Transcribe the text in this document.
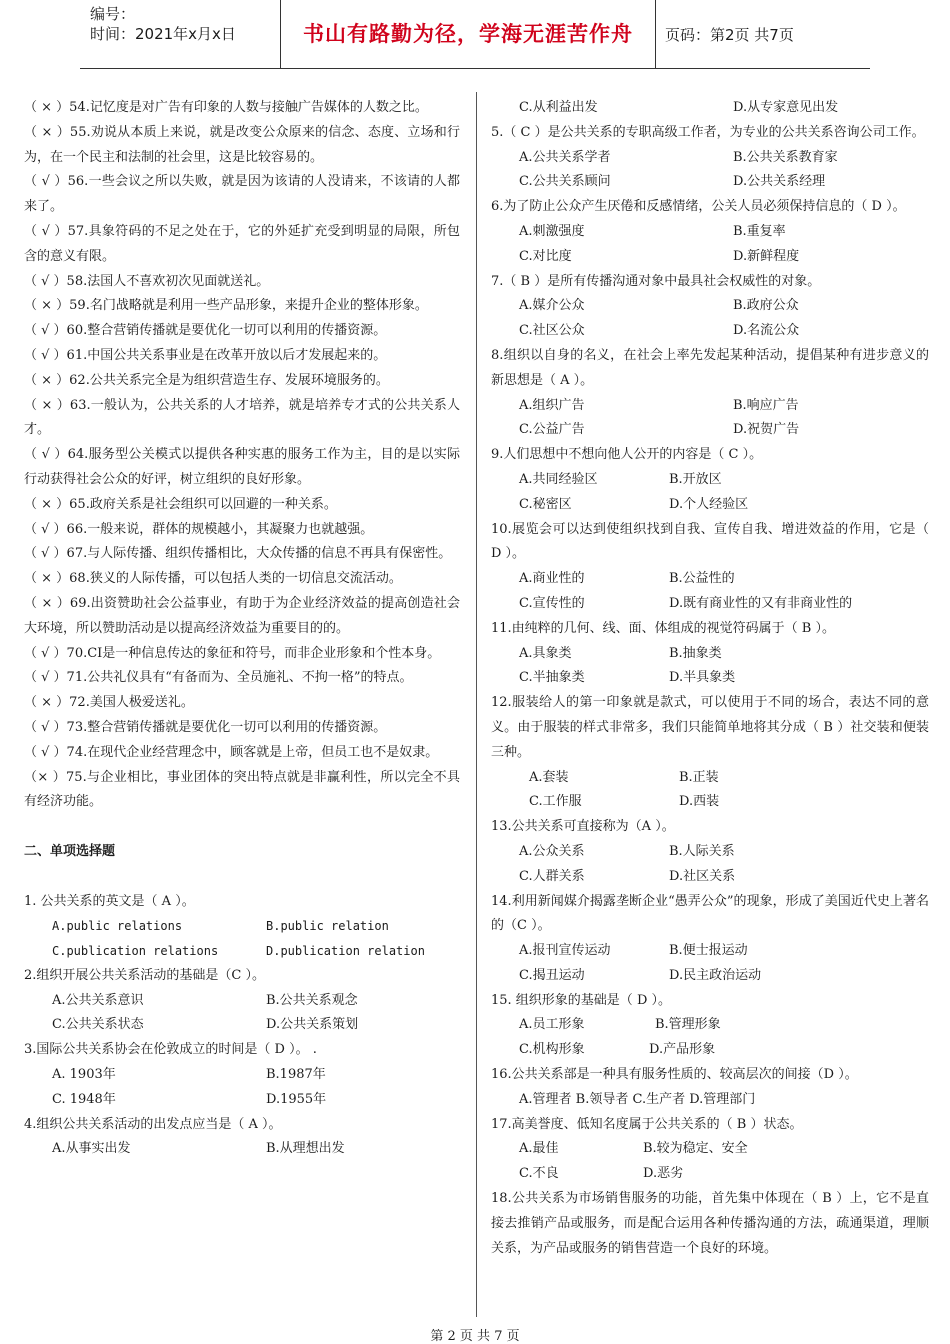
编号：
时间：2021年x月x日	书山有路勤为径，学海无涯苦作舟	页码：第2页 共7页

（ × ）54.记忆度是对广告有印象的人数与接触广告媒体的人数之比。

（ × ）55.劝说从本质上来说，就是改变公众原来的信念、态度、立场和行为，在一个民主和法制的社会里，这是比较容易的。

（ √ ）56.一些会议之所以失败，就是因为该请的人没请来，不该请的人都来了。

（ √ ）57.具象符码的不足之处在于，它的外延扩充受到明显的局限，所包含的意义有限。

（ √ ）58.法国人不喜欢初次见面就送礼。

（ × ）59.名门战略就是利用一些产品形象，来提升企业的整体形象。

（ √ ）60.整合营销传播就是要优化一切可以利用的传播资源。

（ √ ）61.中国公共关系事业是在改革开放以后才发展起来的。

（ × ）62.公共关系完全是为组织营造生存、发展环境服务的。

（ × ）63.一般认为，公共关系的人才培养，就是培养专才式的公共关系人才。

（ √ ）64.服务型公关模式以提供各种实惠的服务工作为主，目的是以实际行动获得社会公众的好评，树立组织的良好形象。

（ × ）65.政府关系是社会组织可以回避的一种关系。

（ √ ）66.一般来说，群体的规模越小，其凝聚力也就越强。

（ √ ）67.与人际传播、组织传播相比，大众传播的信息不再具有保密性。

（ × ）68.狭义的人际传播，可以包括人类的一切信息交流活动。

（ × ）69.出资赞助社会公益事业，有助于为企业经济效益的提高创造社会大环境，所以赞助活动是以提高经济效益为重要目的的。

（ √ ）70.CI是一种信息传达的象征和符号，而非企业形象和个性本身。

（ √ ）71.公共礼仪具有“有备而为、全员施礼、不拘一格”的特点。

（ × ）72.美国人极爱送礼。

（ √ ）73.整合营销传播就是要优化一切可以利用的传播资源。

（ √ ）74.在现代企业经营理念中，顾客就是上帝，但员工也不是奴隶。

（× ）75.与企业相比，事业团体的突出特点就是非赢利性，所以完全不具有经济功能。

二、单项选择题

1. 公共关系的英文是（ A ）。

A.public relations	B.public relation
C.publication relations	D.publication relation

2.组织开展公共关系活动的基础是（C ）。

A.公共关系意识	B.公共关系观念
C.公共关系状态	D.公共关系策划

3.国际公共关系协会在伦敦成立的时间是（ D ）。 .

A. 1903年	B.1987年
C. 1948年	D.1955年

4.组织公共关系活动的出发点应当是（ A ）。

A.从事实出发	B.从理想出发
C.从利益出发	D.从专家意见出发

5.（ C ）是公共关系的专职高级工作者，为专业的公共关系咨询公司工作。

A.公共关系学者	B.公共关系教育家
C.公共关系顾问	D.公共关系经理

6.为了防止公众产生厌倦和反感情绪，公关人员必须保持信息的（ D ）。

A.刺激强度	B.重复率
C.对比度	D.新鲜程度

7.（ B ）是所有传播沟通对象中最具社会权威性的对象。

A.媒介公众	B.政府公众
C.社区公众	D.名流公众

8.组织以自身的名义，在社会上率先发起某种活动，提倡某种有进步意义的新思想是（ A ）。

A.组织广告	B.响应广告
C.公益广告	D.祝贺广告

9.人们思想中不想向他人公开的内容是（ C ）。

A.共同经验区	B.开放区
C.秘密区	D.个人经验区

10.展览会可以达到使组织找到自我、宣传自我、增进效益的作用，它是（ D ）。

A.商业性的	B.公益性的
C.宣传性的	D.既有商业性的又有非商业性的

11.由纯粹的几何、线、面、体组成的视觉符码属于（ B ）。

A.具象类	B.抽象类
C.半抽象类	D.半具象类

12.服装给人的第一印象就是款式，可以使用于不同的场合，表达不同的意义。由于服装的样式非常多，我们只能简单地将其分成（ B ）社交装和便装三种。

A.套装	B.正装
C.工作服	D.西装

13.公共关系可直接称为（A ）。

A.公众关系	B.人际关系
C.人群关系	D.社区关系

14.利用新闻媒介揭露垄断企业“愚弄公众”的现象，形成了美国近代史上著名的（C ）。

A.报刊宣传运动	B.便士报运动
C.揭丑运动	D.民主政治运动

15. 组织形象的基础是（ D ）。

A.员工形象	B.管理形象
C.机构形象	D.产品形象

16.公共关系部是一种具有服务性质的、较高层次的间接（D ）。

A.管理者 B.领导者 C.生产者 D.管理部门

17.高美誉度、低知名度属于公共关系的（ B ）状态。

A.最佳	B.较为稳定、安全
C.不良	D.恶劣

18.公共关系为市场销售服务的功能，首先集中体现在（ B ）上，它不是直接去推销产品或服务，而是配合运用各种传播沟通的方法，疏通渠道，理顺关系，为产品或服务的销售营造一个良好的环境。

第 2 页 共 7 页
